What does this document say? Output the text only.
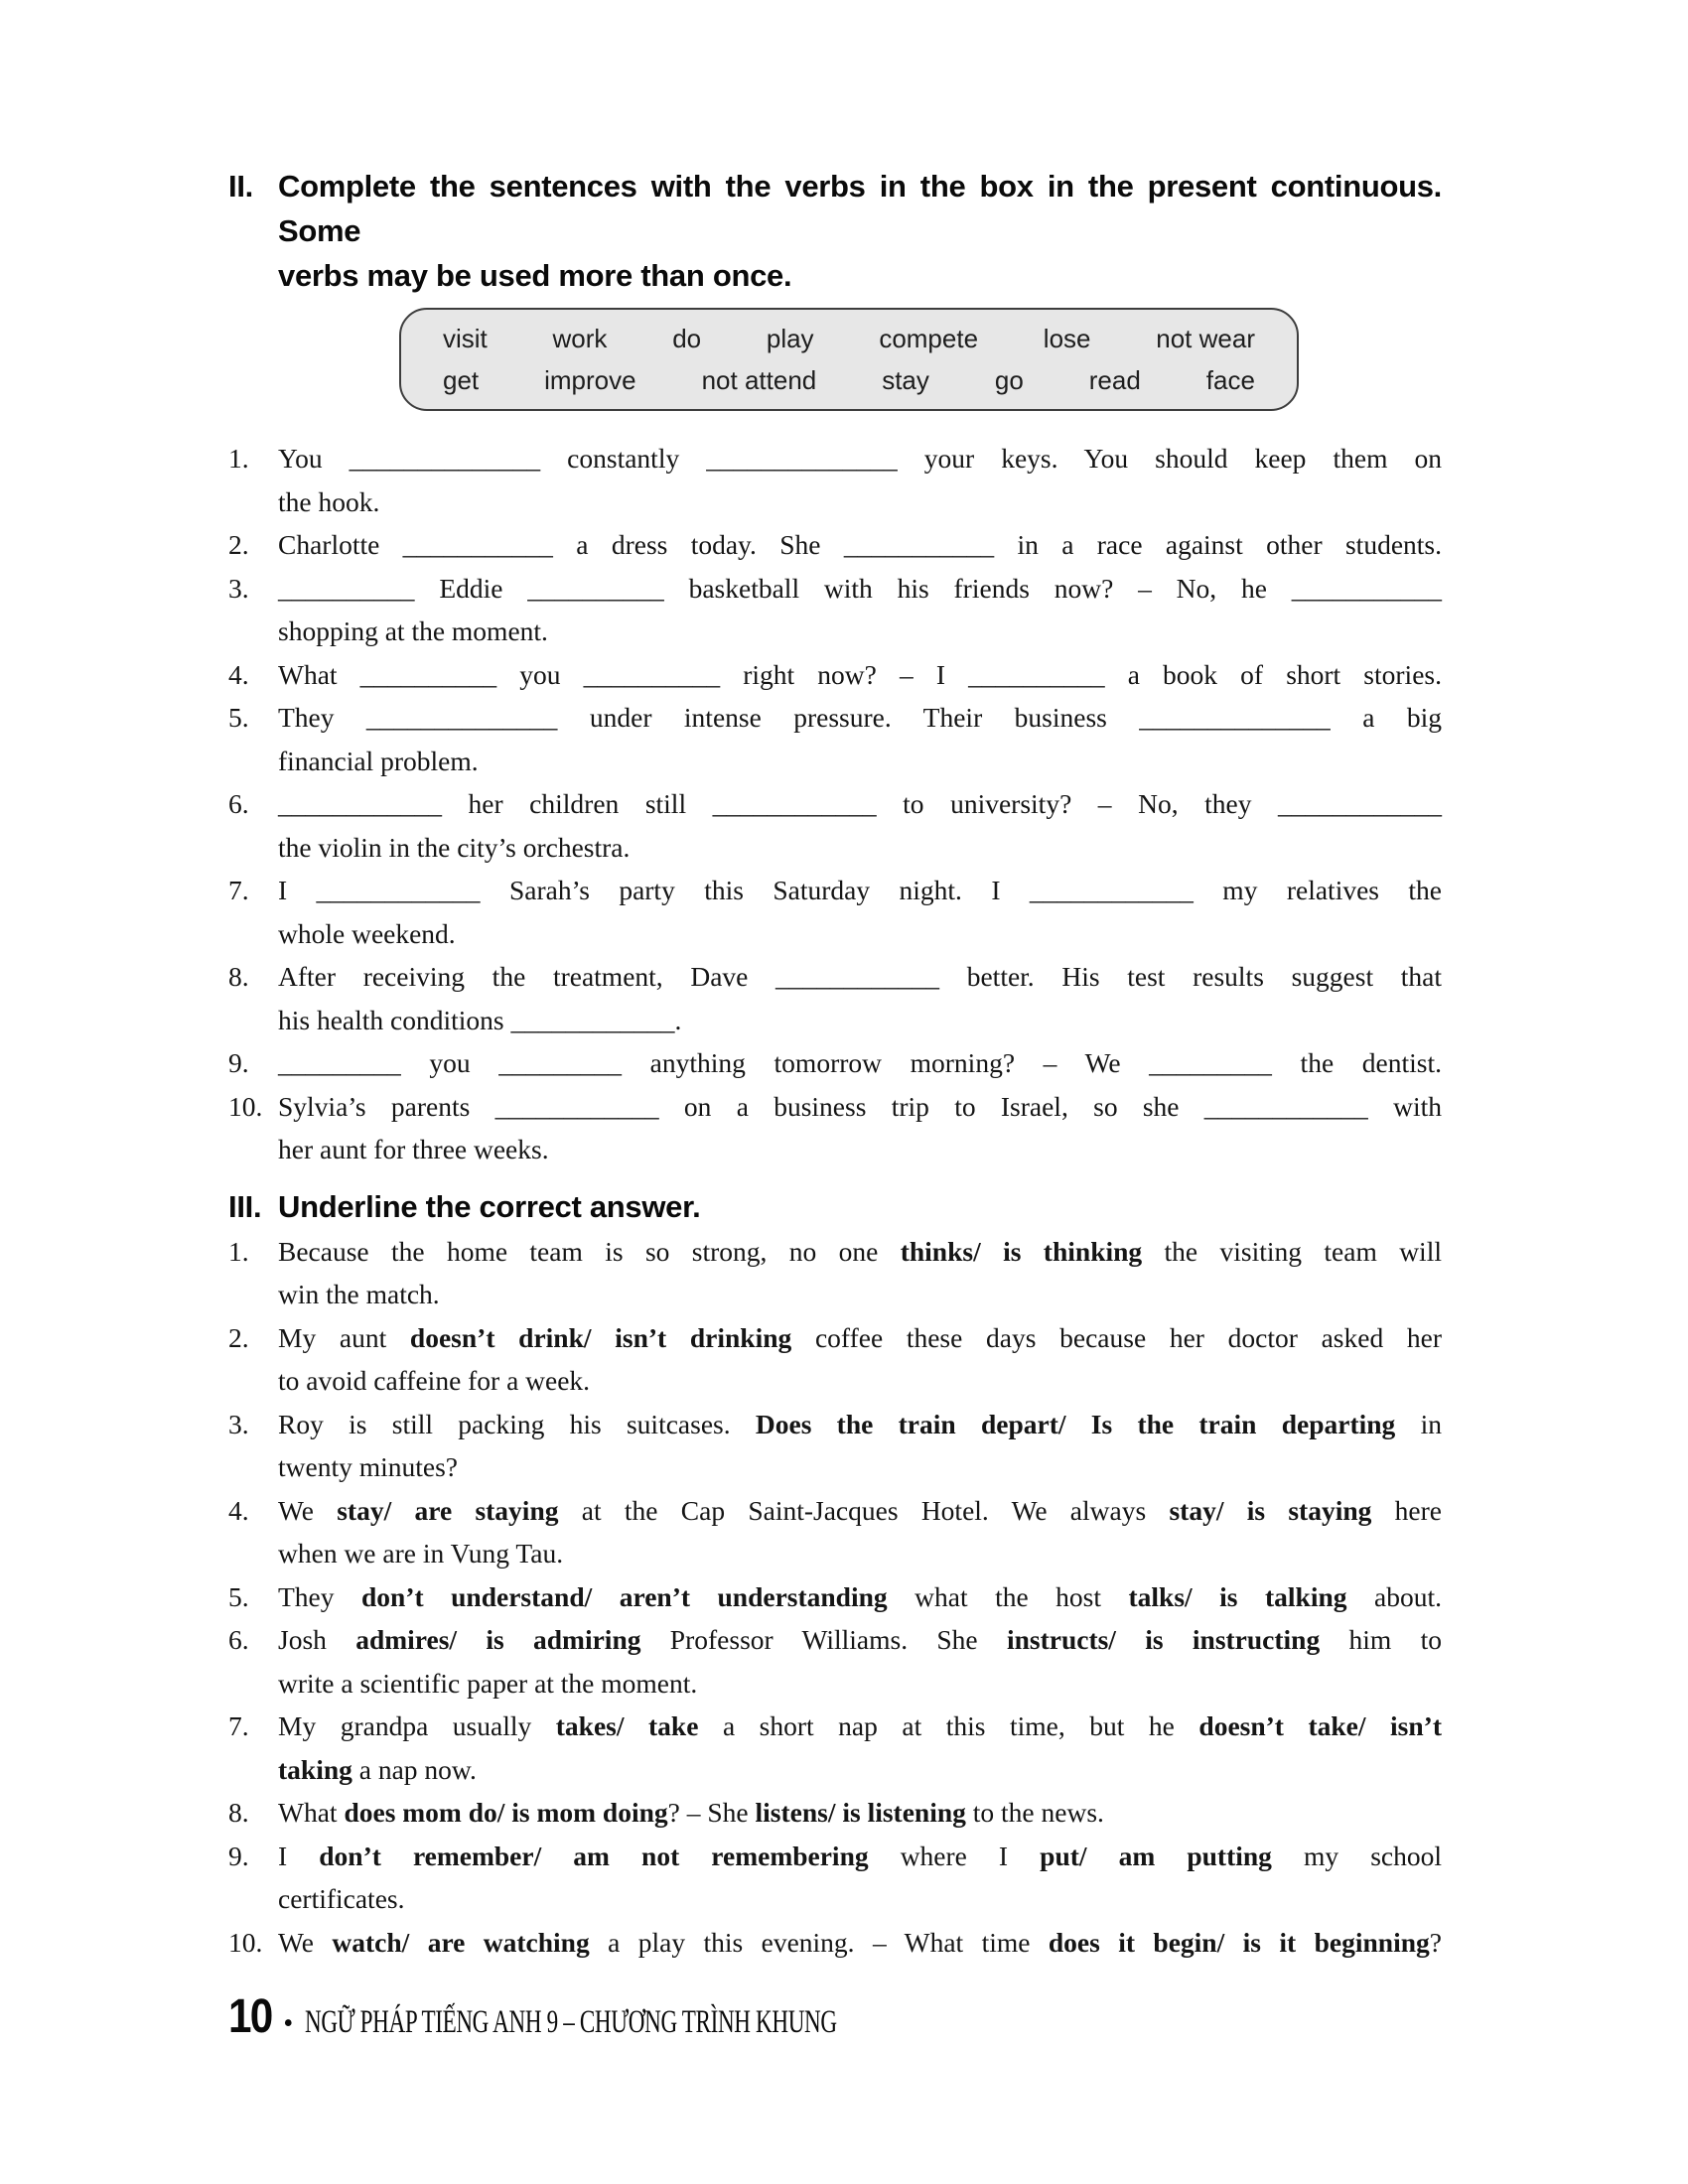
II. Complete the sentences with the verbs in the box in the present continuous. Some
verbs may be used more than once.
visit	work	do	play	compete	lose	not wear
get	improve	not attend	stay	go	read	face
1.	You ______________ constantly ______________ your keys. You should keep them on
the hook.
2.	Charlotte ___________ a dress today. She ___________ in a race against other students.
3.	__________ Eddie __________ basketball with his friends now? – No, he ___________
shopping at the moment.
4.	What __________ you __________ right now? – I __________ a book of short stories.
5.	They ______________ under intense pressure. Their business ______________ a big
financial problem.
6.	____________ her children still ____________ to university? – No, they ____________
the violin in the city’s orchestra.
7.	I ____________ Sarah’s party this Saturday night. I ____________ my relatives the
whole weekend.
8.	After receiving the treatment, Dave ____________ better. His test results suggest that
his health conditions ____________.
9.	_________ you _________ anything tomorrow morning? – We _________ the dentist.
10. Sylvia’s parents ____________ on a business trip to Israel, so she ____________ with
her aunt for three weeks.
III. Underline the correct answer.
1.	Because the home team is so strong, no one thinks/ is thinking the visiting team will
win the match.
2.	My aunt doesn’t drink/ isn’t drinking coffee these days because her doctor asked her
to avoid caffeine for a week.
3.	Roy is still packing his suitcases. Does the train depart/ Is the train departing in
twenty minutes?
4.	We stay/ are staying at the Cap Saint-Jacques Hotel. We always stay/ is staying here
when we are in Vung Tau.
5.	They don’t understand/ aren’t understanding what the host talks/ is talking about.
6.	Josh admires/ is admiring Professor Williams. She instructs/ is instructing him to
write a scientific paper at the moment.
7.	My grandpa usually takes/ take a short nap at this time, but he doesn’t take/ isn’t
taking a nap now.
8.	What does mom do/ is mom doing? – She listens/ is listening to the news.
9.	I don’t remember/ am not remembering where I put/ am putting my school
certificates.
10. We watch/ are watching a play this evening. – What time does it begin/ is it beginning?
10 • NGỮ PHÁP TIẾNG ANH 9 – CHƯƠNG TRÌNH KHUNG
